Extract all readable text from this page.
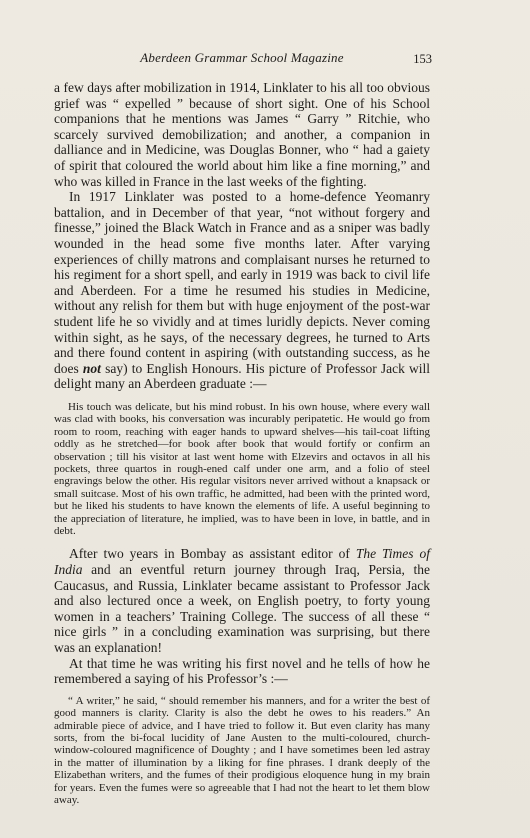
Aberdeen Grammar School Magazine	153

a few days after mobilization in 1914, Linklater to his all too obvious grief was “ expelled ” because of short sight. One of his School companions that he mentions was James “ Garry ” Ritchie, who scarcely survived demobilization; and another, a companion in dalliance and in Medicine, was Douglas Bonner, who “ had a gaiety of spirit that coloured the world about him like a fine morning,” and who was killed in France in the last weeks of the fighting.

In 1917 Linklater was posted to a home-defence Yeomanry battalion, and in December of that year, “not without forgery and finesse,” joined the Black Watch in France and as a sniper was badly wounded in the head some five months later. After varying experiences of chilly matrons and complaisant nurses he returned to his regiment for a short spell, and early in 1919 was back to civil life and Aberdeen. For a time he resumed his studies in Medicine, without any relish for them but with huge enjoyment of the post-war student life he so vividly and at times luridly depicts. Never coming within sight, as he says, of the necessary degrees, he turned to Arts and there found content in aspiring (with outstanding success, as he does not say) to English Honours. His picture of Professor Jack will delight many an Aberdeen graduate :—

His touch was delicate, but his mind robust. In his own house, where every wall was clad with books, his conversation was incurably peripatetic. He would go from room to room, reaching with eager hands to upward shelves—his tail-coat lifting oddly as he stretched—for book after book that would fortify or confirm an observation ; till his visitor at last went home with Elzevirs and octavos in all his pockets, three quartos in rough-ened calf under one arm, and a folio of steel engravings below the other. His regular visitors never arrived without a knapsack or small suitcase. Most of his own traffic, he admitted, had been with the printed word, but he liked his students to have known the elements of life. A useful beginning to the appreciation of literature, he implied, was to have been in love, in battle, and in debt.

After two years in Bombay as assistant editor of The Times of India and an eventful return journey through Iraq, Persia, the Caucasus, and Russia, Linklater became assistant to Professor Jack and also lectured once a week, on English poetry, to forty young women in a teachers’ Training College. The success of all these “ nice girls ” in a concluding examination was surprising, but there was an explanation!

At that time he was writing his first novel and he tells of how he remembered a saying of his Professor’s :—

“ A writer,” he said, “ should remember his manners, and for a writer the best of good manners is clarity. Clarity is also the debt he owes to his readers.” An admirable piece of advice, and I have tried to follow it. But even clarity has many sorts, from the bi-focal lucidity of Jane Austen to the multi-coloured, church-window-coloured magnificence of Doughty ; and I have sometimes been led astray in the matter of illumination by a liking for fine phrases. I drank deeply of the Elizabethan writers, and the fumes of their prodigious eloquence hung in my brain for years. Even the fumes were so agreeable that I had not the heart to let them blow away.
